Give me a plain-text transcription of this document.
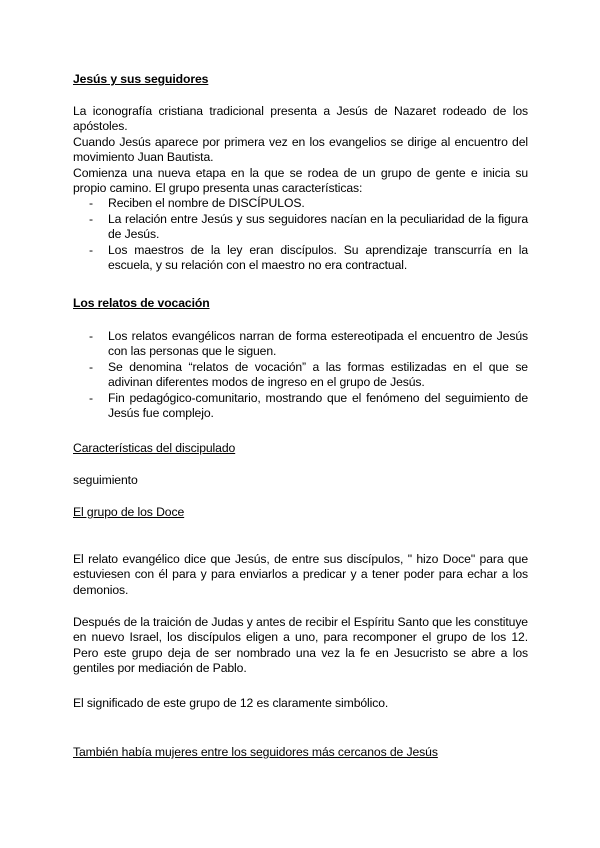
Jesús y sus seguidores

La iconografía cristiana tradicional presenta a Jesús de Nazaret rodeado de los apóstoles.

Cuando Jesús aparece por primera vez en los evangelios se dirige al encuentro del movimiento Juan Bautista.

Comienza una nueva etapa en la que se rodea de un grupo de gente e inicia su propio camino. El grupo presenta unas características:

- Reciben el nombre de DISCÍPULOS.
- La relación entre Jesús y sus seguidores nacían en la peculiaridad de la figura de Jesús.
- Los maestros de la ley eran discípulos. Su aprendizaje transcurría en la escuela, y su relación con el maestro no era contractual.
Los relatos de vocación
- Los relatos evangélicos narran de forma estereotipada el encuentro de Jesús con las personas que le siguen.
- Se denomina “relatos de vocación” a las formas estilizadas en el que se adivinan diferentes modos de ingreso en el grupo de Jesús.
- Fin pedagógico-comunitario, mostrando que el fenómeno del seguimiento de Jesús fue complejo.
Características del discipulado
seguimiento
El grupo de los Doce
El relato evangélico dice que Jesús, de entre sus discípulos, " hizo Doce" para que estuviesen con él para y para enviarlos a predicar y a tener poder para echar a los demonios.
Después de la traición de Judas y antes de recibir el Espíritu Santo que les constituye en nuevo Israel, los discípulos eligen a uno, para recomponer el grupo de los 12. Pero este grupo deja de ser nombrado una vez la fe en Jesucristo se abre a los gentiles por mediación de Pablo.
El significado de este grupo de 12 es claramente simbólico.
También había mujeres entre los seguidores más cercanos de Jesús
